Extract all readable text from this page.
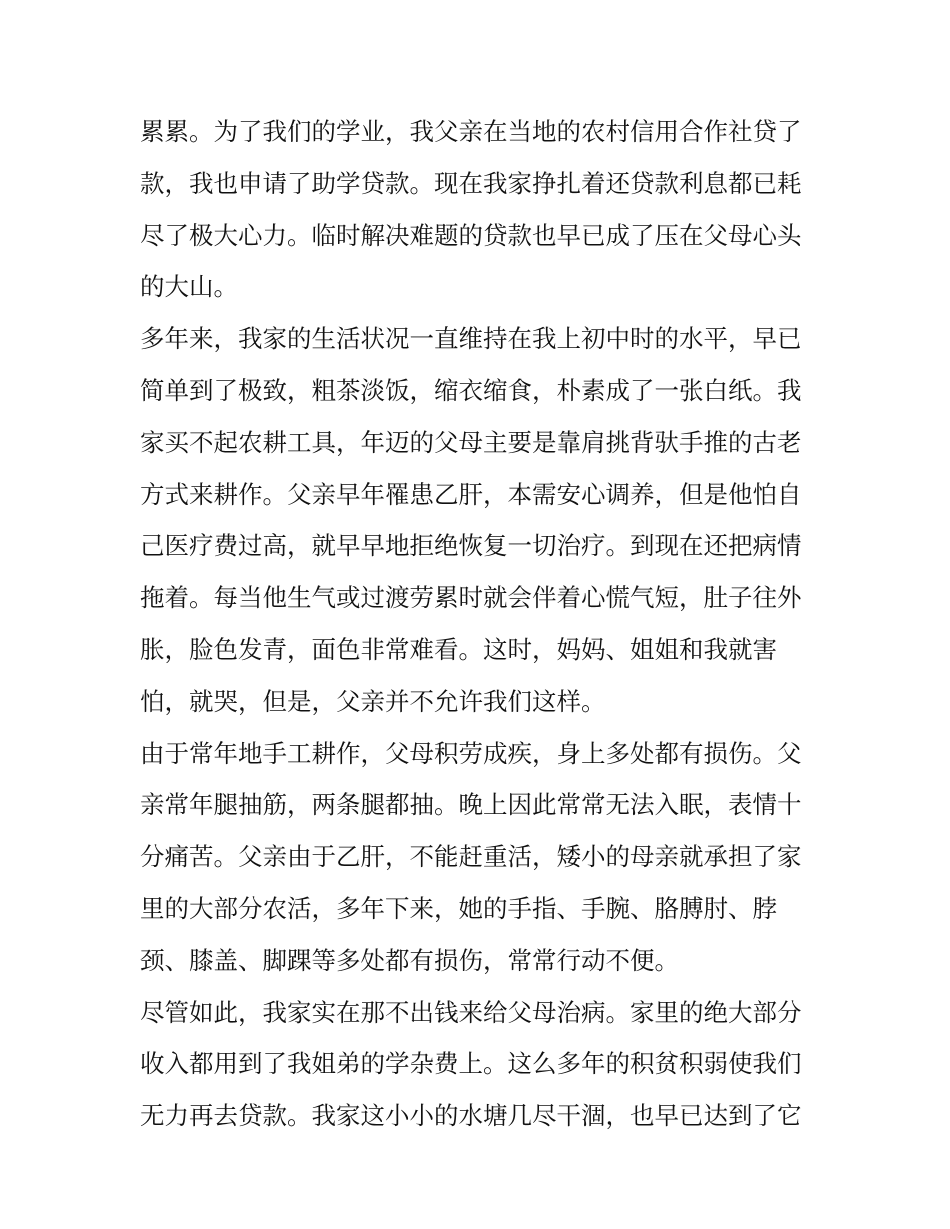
累累。为了我们的学业，我父亲在当地的农村信用合作社贷了
款，我也申请了助学贷款。现在我家挣扎着还贷款利息都已耗
尽了极大心力。临时解决难题的贷款也早已成了压在父母心头
的大山。
多年来，我家的生活状况一直维持在我上初中时的水平，早已
简单到了极致，粗茶淡饭，缩衣缩食，朴素成了一张白纸。我
家买不起农耕工具，年迈的父母主要是靠肩挑背驮手推的古老
方式来耕作。父亲早年罹患乙肝，本需安心调养，但是他怕自
己医疗费过高，就早早地拒绝恢复一切治疗。到现在还把病情
拖着。每当他生气或过渡劳累时就会伴着心慌气短，肚子往外
胀，脸色发青，面色非常难看。这时，妈妈、姐姐和我就害
怕，就哭，但是，父亲并不允许我们这样。
由于常年地手工耕作，父母积劳成疾，身上多处都有损伤。父
亲常年腿抽筋，两条腿都抽。晚上因此常常无法入眠，表情十
分痛苦。父亲由于乙肝，不能赶重活，矮小的母亲就承担了家
里的大部分农活，多年下来，她的手指、手腕、胳膊肘、脖
颈、膝盖、脚踝等多处都有损伤，常常行动不便。
尽管如此，我家实在那不出钱来给父母治病。家里的绝大部分
收入都用到了我姐弟的学杂费上。这么多年的积贫积弱使我们
无力再去贷款。我家这小小的水塘几尽干涸，也早已达到了它
